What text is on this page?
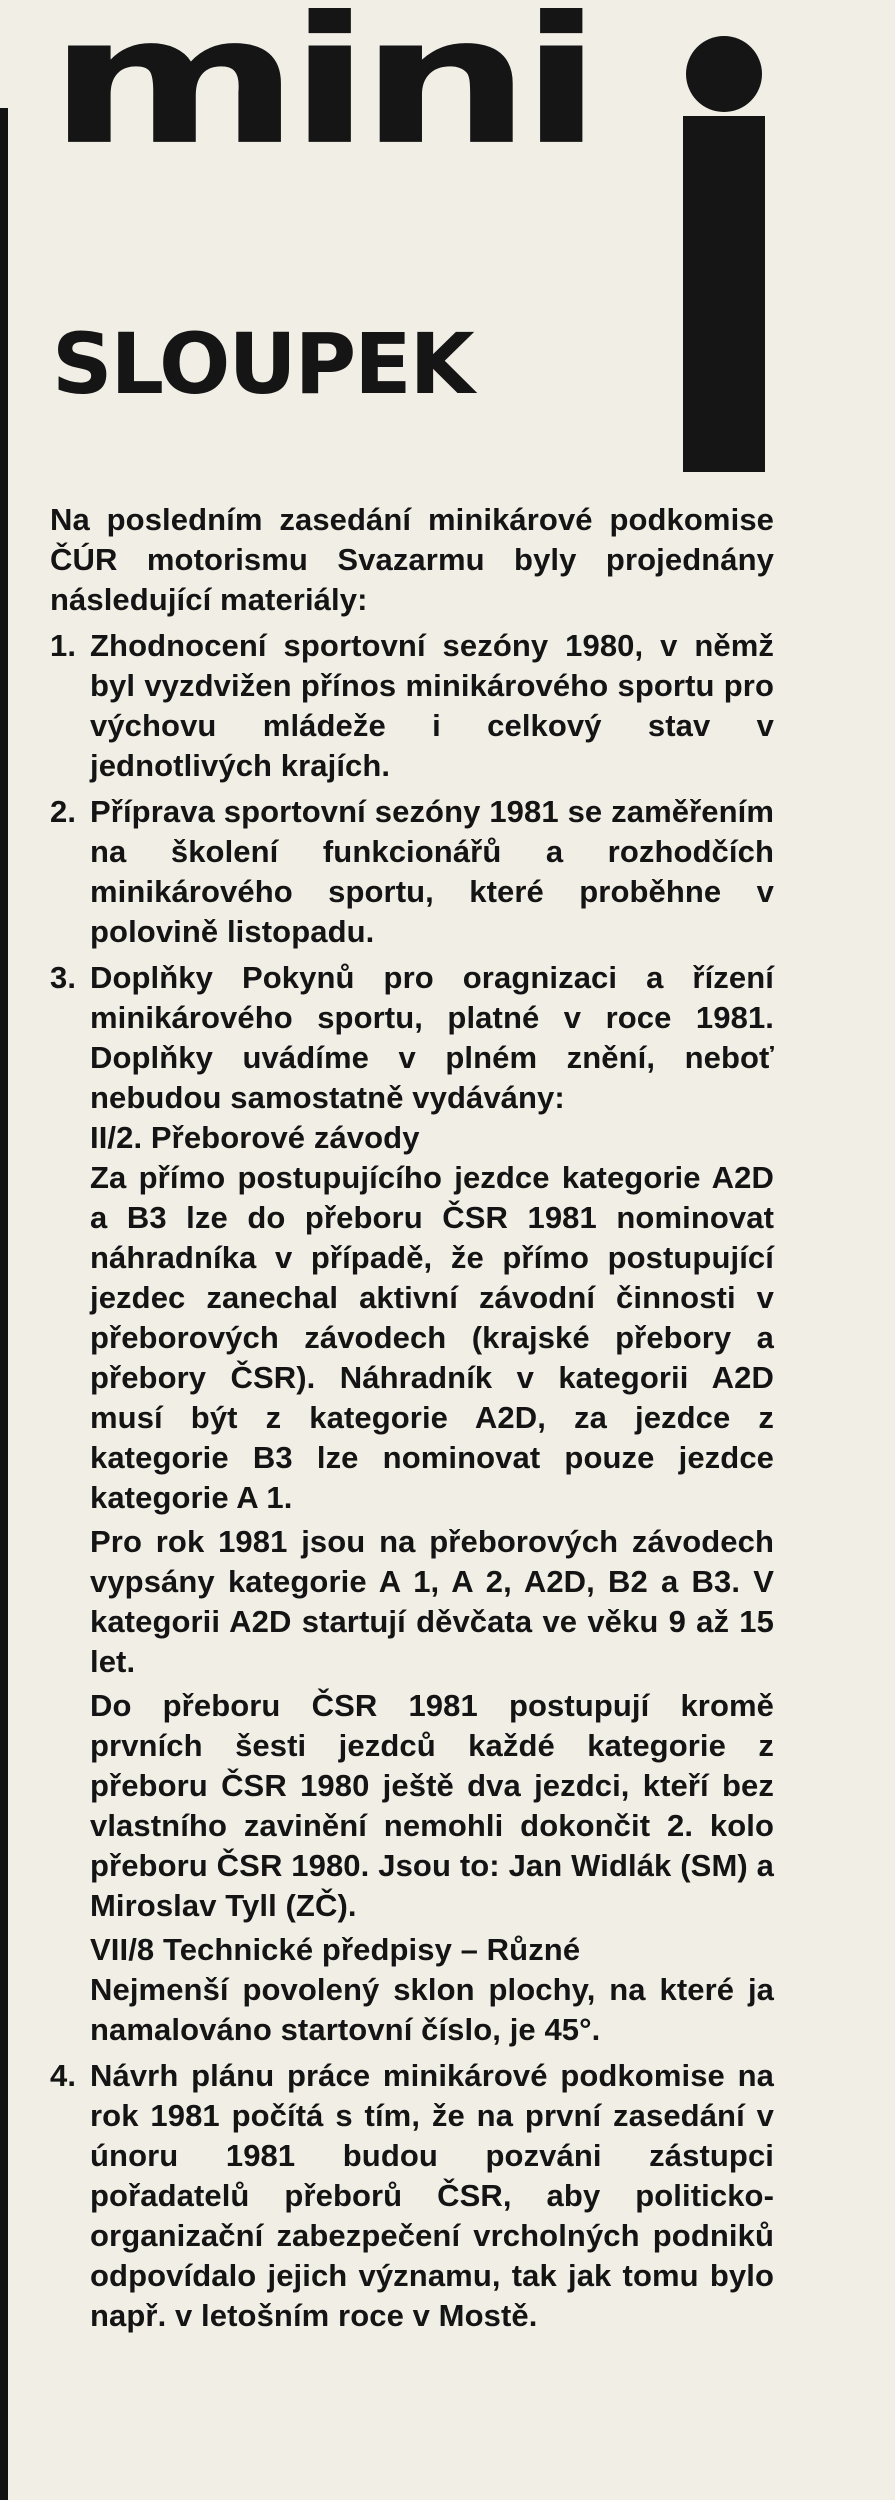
mini
SLOUPEK

Na posledním zasedání minikárové podkomise ČÚR motorismu Svazarmu byly projednány následující materiály:

1. Zhodnocení sportovní sezóny 1980, v němž byl vyzdvižen přínos minikárového sportu pro výchovu mládeže i celkový stav v jednotlivých krajích.
2. Příprava sportovní sezóny 1981 se zaměřením na školení funkcionářů a rozhodčích minikárového sportu, které proběhne v polovině listopadu.
3. Doplňky Pokynů pro oragnizaci a řízení minikárového sportu, platné v roce 1981. Doplňky uvádíme v plném znění, neboť nebudou samostatně vydávány:

II/2. Přeborové závody

Za přímo postupujícího jezdce kategorie A2D a B3 lze do přeboru ČSR 1981 nominovat náhradníka v případě, že přímo postupující jezdec zanechal aktivní závodní činnosti v přeborových závodech (krajské přebory a přebory ČSR). Náhradník v kategorii A2D musí být z kategorie A2D, za jezdce z kategorie B3 lze nominovat pouze jezdce kategorie A 1.

Pro rok 1981 jsou na přeborových závodech vypsány kategorie A 1, A 2, A2D, B2 a B3. V kategorii A2D startují děvčata ve věku 9 až 15 let.

Do přeboru ČSR 1981 postupují kromě prvních šesti jezdců každé kategorie z přeboru ČSR 1980 ještě dva jezdci, kteří bez vlastního zavinění nemohli dokončit 2. kolo přeboru ČSR 1980. Jsou to: Jan Widlák (SM) a Miroslav Tyll (ZČ).

VII/8 Technické předpisy – Různé

Nejmenší povolený sklon plochy, na které ja namalováno startovní číslo, je 45°.

4. Návrh plánu práce minikárové podkomise na rok 1981 počítá s tím, že na první zasedání v únoru 1981 budou pozváni zástupci pořadatelů přeborů ČSR, aby politicko-organizační zabezpečení vrcholných podniků odpovídalo jejich významu, tak jak tomu bylo např. v letošním roce v Mostě.
